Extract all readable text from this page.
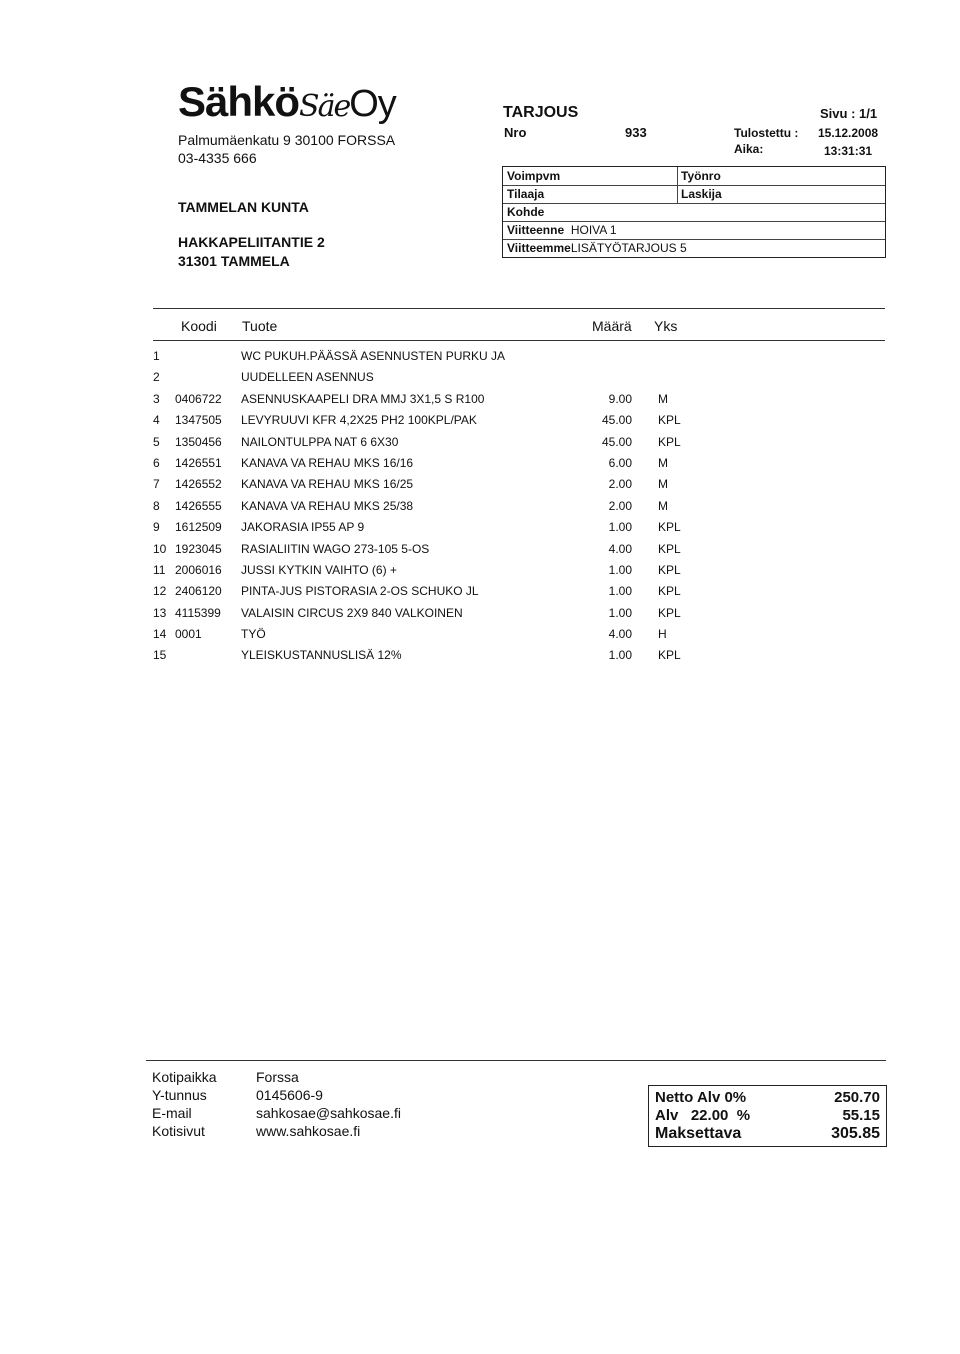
SähköSäeOy
Palmumäenkatu 9 30100 FORSSA
03-4335 666
TAMMELAN KUNTA
HAKKAPELIITANTIE 2
31301 TAMMELA
TARJOUS
Nro	933
Sivu : 1/1
Tulostettu : 15.12.2008
Aika:	13:31:31
Voimpvm	Työnro
Tilaaja	Laskija
Kohde
Viitteenne HOIVA 1
ViitteemmeLISÄTYÖTARJOUS 5
Koodi Tuote	Määrä Yks
1	WC PUKUH.PÄÄSSÄ ASENNUSTEN PURKU JA
2	UUDELLEEN ASENNUS
3	0406722 ASENNUSKAAPELI DRA MMJ 3X1,5 S R100	9.00 M
4	1347505 LEVYRUUVI KFR 4,2X25 PH2 100KPL/PAK	45.00 KPL
5	1350456 NAILONTULPPA NAT 6 6X30	45.00 KPL
6	1426551 KANAVA VA REHAU MKS 16/16	6.00 M
7	1426552 KANAVA VA REHAU MKS 16/25	2.00 M
8	1426555 KANAVA VA REHAU MKS 25/38	2.00 M
9	1612509 JAKORASIA IP55 AP 9	1.00 KPL
10 1923045 RASIALIITIN WAGO 273-105 5-OS	4.00 KPL
11 2006016 JUSSI KYTKIN VAIHTO (6) +	1.00 KPL
12 2406120 PINTA-JUS PISTORASIA 2-OS SCHUKO JL	1.00 KPL
13 4115399 VALAISIN CIRCUS 2X9 840 VALKOINEN	1.00 KPL
14 0001	TYÖ	4.00 H
15	YLEISKUSTANNUSLISÄ 12%	1.00 KPL
Kotipaikka	Forssa
Y-tunnus	0145606-9
E-mail	sahkosae@sahkosae.fi
Kotisivut	www.sahkosae.fi
Netto Alv 0%	250.70
Alv   22.00  %	55.15
Maksettava	305.85
